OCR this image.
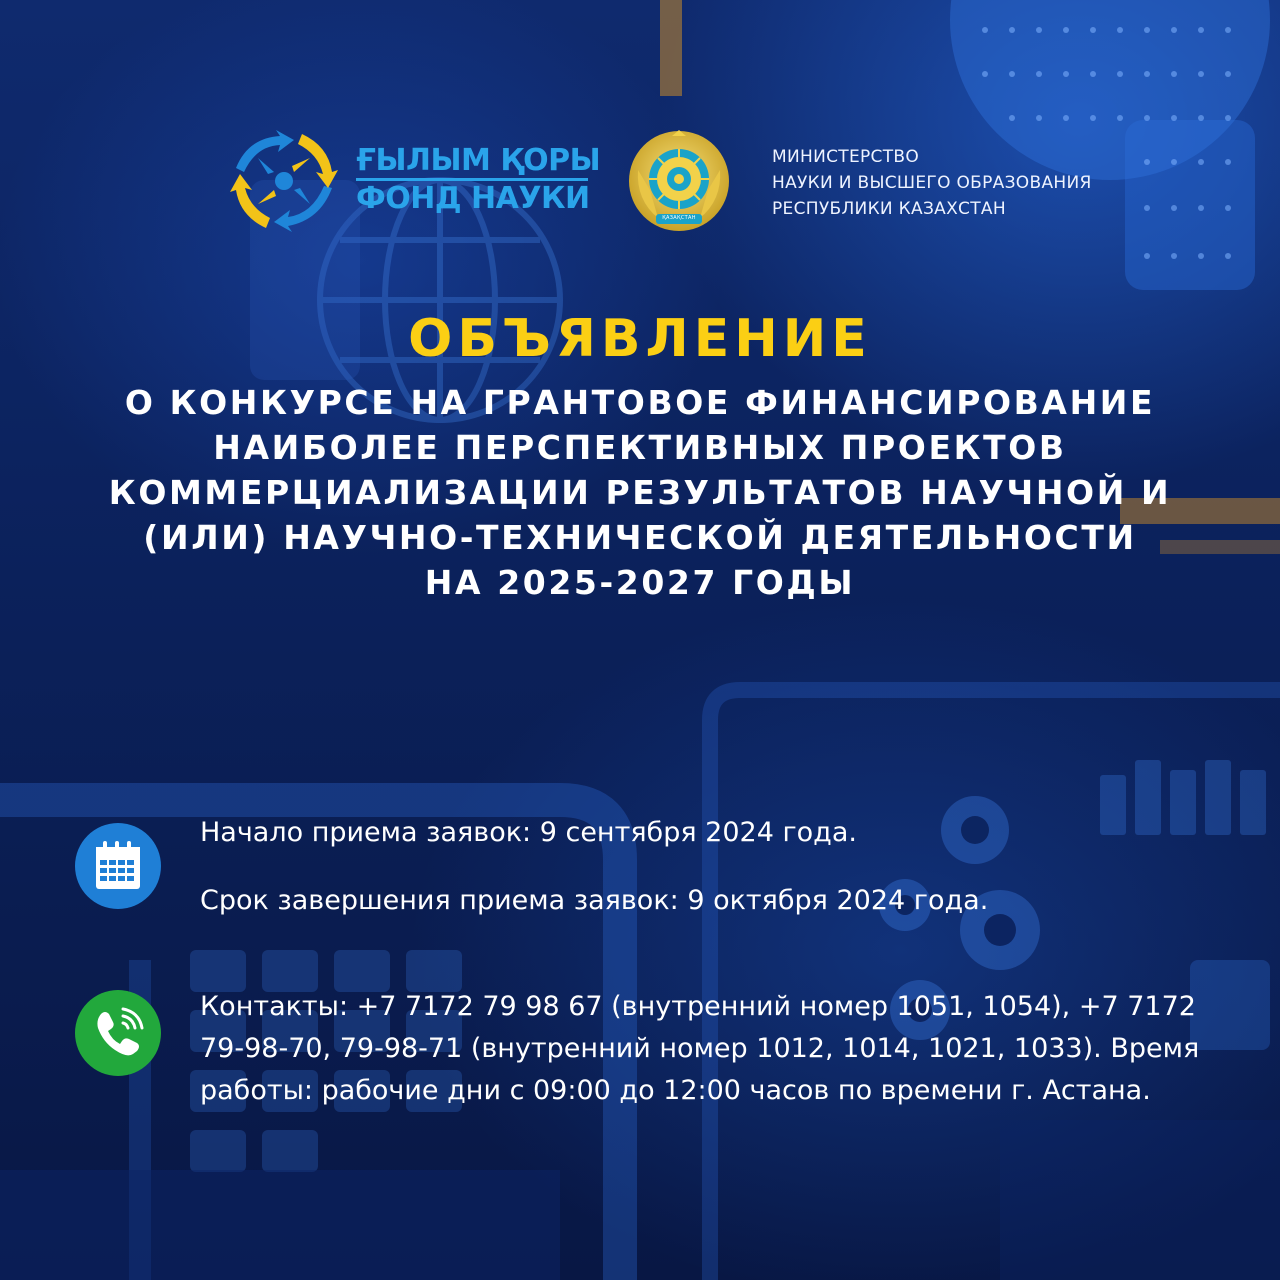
ҒЫЛЫМ ҚОРЫ
ФОНД НАУКИ
ҚАЗАҚСТАН
МИНИСТЕРСТВО
НАУКИ И ВЫСШЕГО ОБРАЗОВАНИЯ
РЕСПУБЛИКИ КАЗАХСТАН
ОБЪЯВЛЕНИЕ
О КОНКУРСЕ НА ГРАНТОВОЕ ФИНАНСИРОВАНИЕ
НАИБОЛЕЕ ПЕРСПЕКТИВНЫХ ПРОЕКТОВ
КОММЕРЦИАЛИЗАЦИИ РЕЗУЛЬТАТОВ НАУЧНОЙ И
(ИЛИ) НАУЧНО-ТЕХНИЧЕСКОЙ ДЕЯТЕЛЬНОСТИ
НА 2025-2027 ГОДЫ
Начало приема заявок: 9 сентября 2024 года.
Срок завершения приема заявок: 9 октября 2024 года.
Контакты: +7 7172 79 98 67 (внутренний номер 1051, 1054), +7 7172 79-98-70, 79-98-71 (внутренний номер 1012, 1014, 1021, 1033). Время работы: рабочие дни с 09:00 до 12:00 часов по времени г. Астана.
